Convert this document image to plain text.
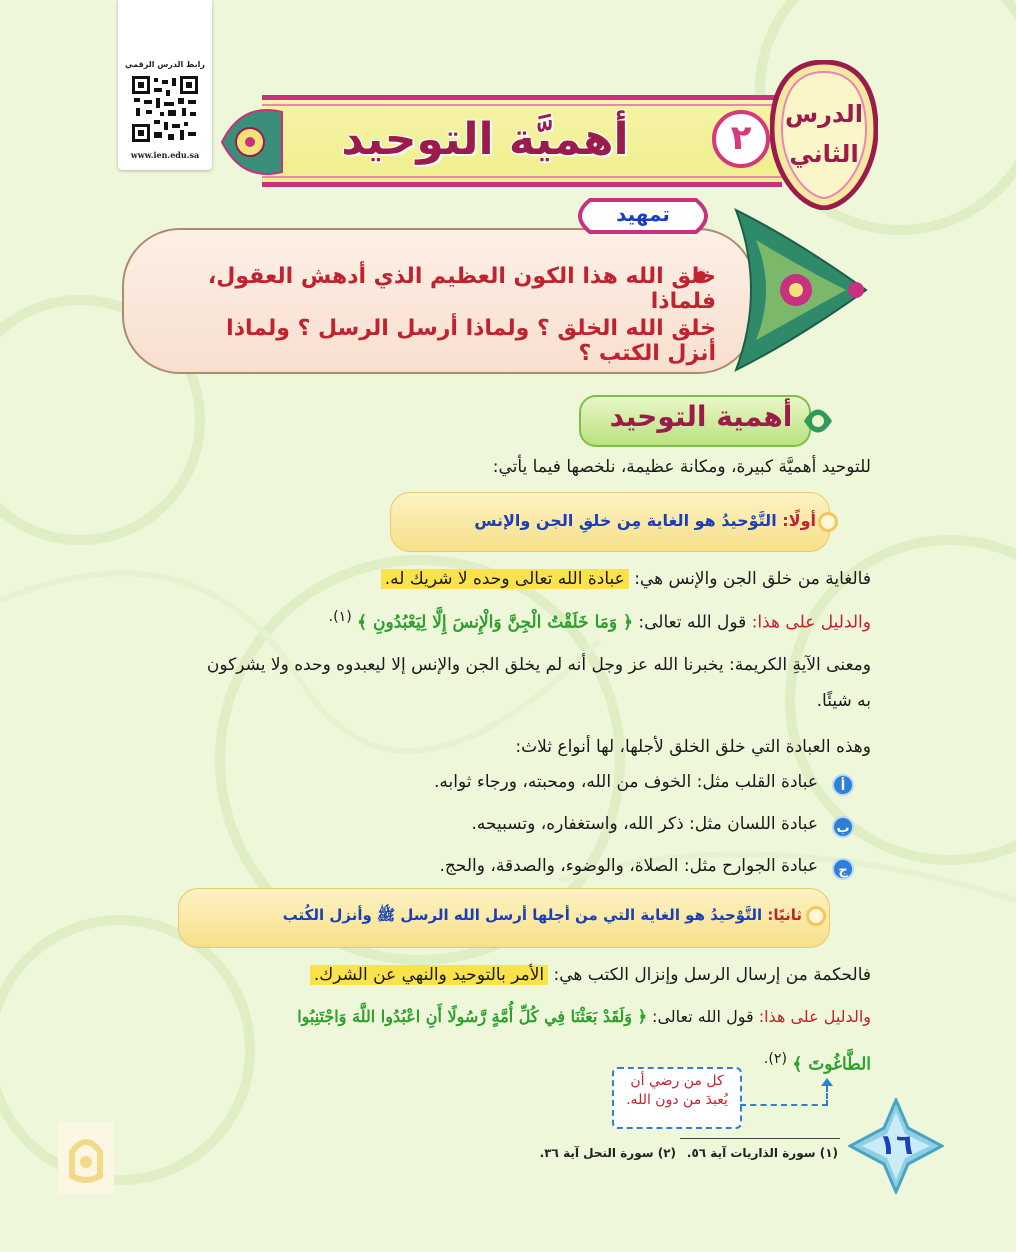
رابط الدرس الرقمي
www.ien.edu.sa	أهميَّة التوحيد	٢
الدرس
الثاني
تمهيد
خلق الله هذا الكون العظيم الذي أدهش العقول، فلماذا
خلق الله الخلق ؟ ولماذا أرسل الرسل ؟ ولماذا أنزل الكتب ؟
أهمية التوحيد
للتوحيد أهميَّة كبيرة، ومكانة عظيمة، نلخصها فيما يأتي:
أولًا: التَّوْحيدُ هو الغاية مِن خلقِ الجن والإنس
فالغاية من خلق الجن والإنس هي: عبادة الله تعالى وحده لا شريك له.
والدليل على هذا: قول الله تعالى: ﴿ وَمَا خَلَقْتُ الْجِنَّ وَالْإِنسَ إِلَّا لِيَعْبُدُونِ ﴾ $^{(١).}$
ومعنى الآيةِ الكريمة: يخبرنا الله عز وجل أنه لم يخلق الجن والإنس إلا ليعبدوه وحده ولا يشركون
به شيئًا.
وهذه العبادة التي خلق الخلق لأجلها، لها أنواع ثلاث:
أ
عبادة القلب مثل: الخوف من الله، ومحبته، ورجاء ثوابه.
ب
عبادة اللسان مثل: ذكر الله، واستغفاره، وتسبيحه.
ج
عبادة الجوارح مثل: الصلاة، والوضوء، والصدقة، والحج.
ثانيًا: التَّوْحيدُ هو الغاية التي من أجلها أرسل الله الرسل ﷺ وأنزل الكُتب
فالحكمة من إرسال الرسل وإنزال الكتب هي: الأمر بالتوحيد والنهي عن الشرك.
والدليل على هذا: قول الله تعالى: ﴿ وَلَقَدْ بَعَثْنَا فِي كُلِّ أُمَّةٍ رَّسُولًا أَنِ اعْبُدُوا اللَّهَ وَاجْتَنِبُوا
الطَّاغُوتَ ﴾ $^{(٢).}$
كل من رضي أن
يُعبدَ من دون الله.
(١) سورة الذاريات آية ٥٦.
(٢) سورة النحل آية ٣٦.	١٦
